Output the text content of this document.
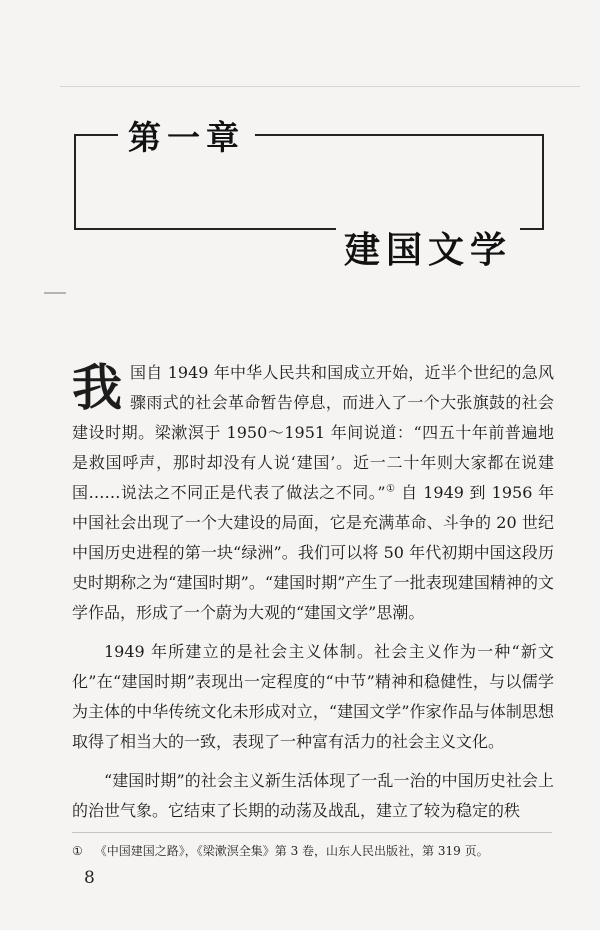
第一章
建国文学

我国自 1949 年中华人民共和国成立开始，近半个世纪的急风骤雨式的社会革命暂告停息，而进入了一个大张旗鼓的社会建设时期。梁漱溟于 1950～1951 年间说道：“四五十年前普遍地是救国呼声，那时却没有人说‘建国’。近一二十年则大家都在说建国……说法之不同正是代表了做法之不同。”① 自 1949 到 1956 年中国社会出现了一个大建设的局面，它是充满革命、斗争的 20 世纪中国历史进程的第一块“绿洲”。我们可以将 50 年代初期中国这段历史时期称之为“建国时期”。“建国时期”产生了一批表现建国精神的文学作品，形成了一个蔚为大观的“建国文学”思潮。

1949 年所建立的是社会主义体制。社会主义作为一种“新文化”在“建国时期”表现出一定程度的“中节”精神和稳健性，与以儒学为主体的中华传统文化未形成对立，“建国文学”作家作品与体制思想取得了相当大的一致，表现了一种富有活力的社会主义文化。

“建国时期”的社会主义新生活体现了一乱一治的中国历史社会上的治世气象。它结束了长期的动荡及战乱，建立了较为稳定的秩

① 《中国建国之路》，《梁漱溟全集》第 3 卷，山东人民出版社，第 319 页。
8
